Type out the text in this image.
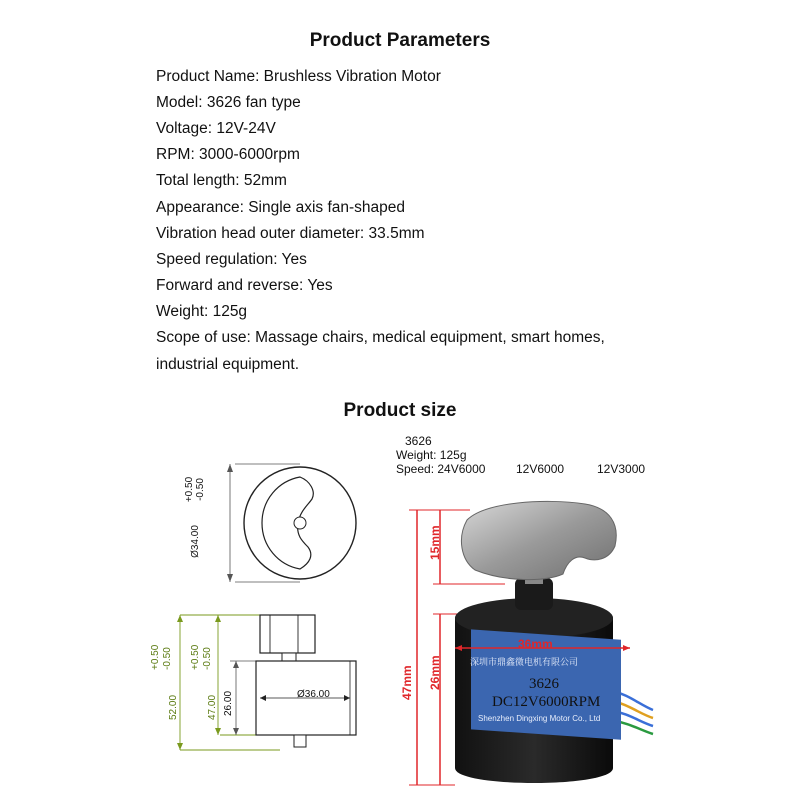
Product Parameters
Product Name: Brushless Vibration Motor
Model: 3626 fan type
Voltage: 12V-24V
RPM: 3000-6000rpm
Total length: 52mm
Appearance: Single axis fan-shaped
Vibration head outer diameter: 33.5mm
Speed regulation: Yes
Forward and reverse: Yes
Weight: 125g
Scope of use: Massage chairs, medical equipment, smart homes,
industrial equipment.
Product size
3626
Weight: 125g
Speed: 24V6000	12V6000	12V3000
+0.50 -0.50
Ø34.00
+0.50 -0.50
52.00
+0.50 -0.50
47.00 26.00	Ø36.00
15mm
47mm 26mm
36mm
深圳市鼎鑫微电机有限公司
3626
DC12V6000RPM
Shenzhen Dingxing Motor Co., Ltd
